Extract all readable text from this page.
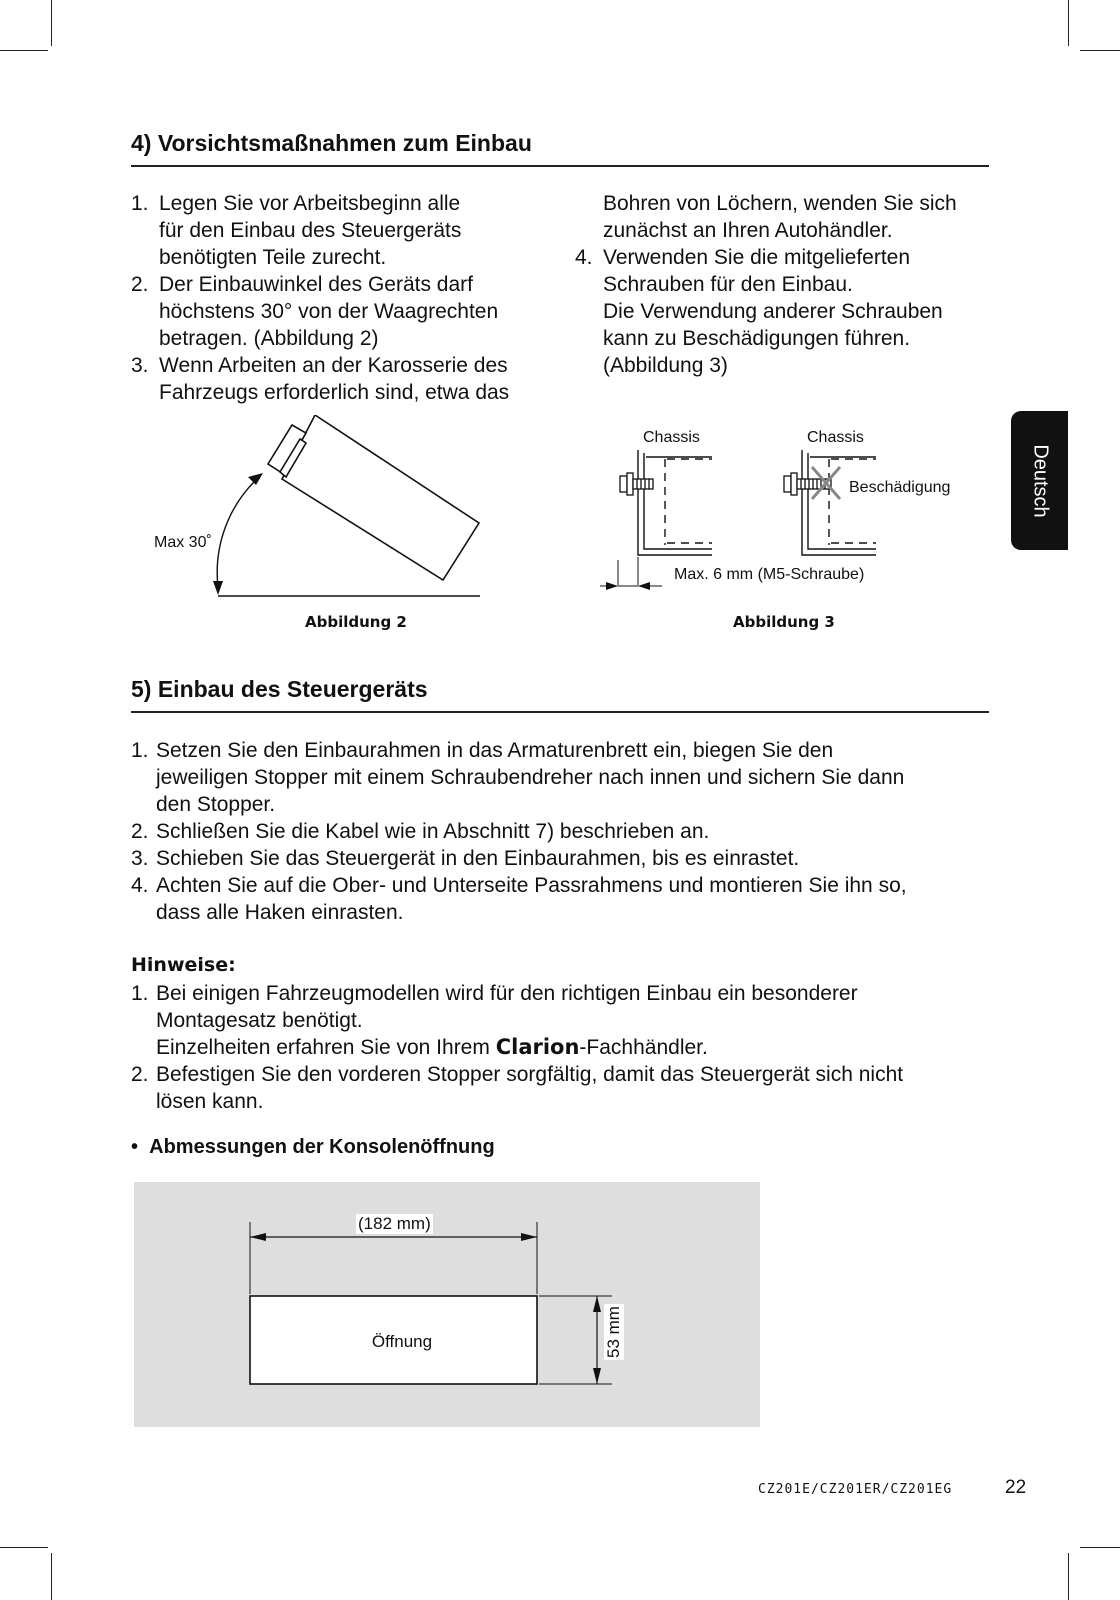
4) Vorsichtsmaßnahmen zum Einbau
1. Legen Sie vor Arbeitsbeginn alle
für den Einbau des Steuergeräts
benötigten Teile zurecht.
2. Der Einbauwinkel des Geräts darf
höchstens 30° von der Waagrechten
betragen. (Abbildung 2)
3. Wenn Arbeiten an der Karosserie des
Fahrzeugs erforderlich sind, etwa das
Bohren von Löchern, wenden Sie sich
zunächst an Ihren Autohändler.
4. Verwenden Sie die mitgelieferten
Schrauben für den Einbau.
Die Verwendung anderer Schrauben
kann zu Beschädigungen führen.
(Abbildung 3)
Max 30˚
Abbildung 2
Chassis	Chassis
Beschädigung
Max. 6 mm (M5-Schraube)
Abbildung 3
Deutsch
5) Einbau des Steuergeräts
1. Setzen Sie den Einbaurahmen in das Armaturenbrett ein, biegen Sie den
jeweiligen Stopper mit einem Schraubendreher nach innen und sichern Sie dann
den Stopper.
2. Schließen Sie die Kabel wie in Abschnitt 7) beschrieben an.
3. Schieben Sie das Steuergerät in den Einbaurahmen, bis es einrastet.
4. Achten Sie auf die Ober- und Unterseite Passrahmens und montieren Sie ihn so,
dass alle Haken einrasten.
Hinweise:
1. Bei einigen Fahrzeugmodellen wird für den richtigen Einbau ein besonderer
Montagesatz benötigt.
Einzelheiten erfahren Sie von Ihrem Clarion-Fachhändler.
2. Befestigen Sie den vorderen Stopper sorgfältig, damit das Steuergerät sich nicht
lösen kann.
• Abmessungen der Konsolenöffnung
(182 mm)
Öffnung	53 mm
CZ201E/CZ201ER/CZ201EG	22
